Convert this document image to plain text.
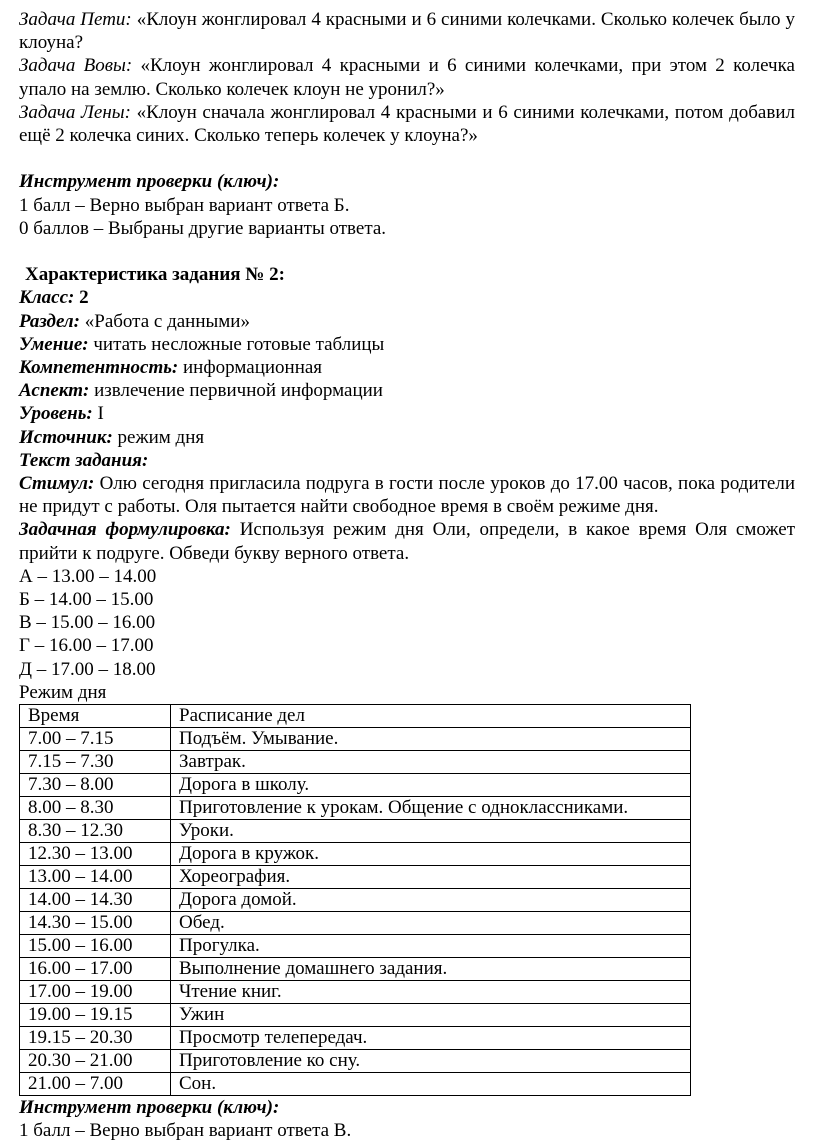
Задача Пети: «Клоун жонглировал 4 красными и 6 синими колечками. Сколько колечек было у клоуна?

Задача Вовы: «Клоун жонглировал 4 красными и 6 синими колечками, при этом 2 колечка упало на землю. Сколько колечек клоун не уронил?»

Задача Лены: «Клоун сначала жонглировал 4 красными и 6 синими колечками, потом добавил ещё 2 колечка синих. Сколько теперь колечек у клоуна?»

Инструмент проверки (ключ):

1 балл – Верно выбран вариант ответа Б.

0 баллов – Выбраны другие варианты ответа.

Характеристика задания № 2:

Класс: 2

Раздел: «Работа с данными»

Умение: читать несложные готовые таблицы

Компетентность: информационная

Аспект: извлечение первичной информации

Уровень: I

Источник: режим дня

Текст задания:

Стимул: Олю сегодня пригласила подруга в гости после уроков до 17.00 часов, пока родители не придут с работы. Оля пытается найти свободное время в своём режиме дня.

Задачная формулировка: Используя режим дня Оли, определи, в какое время Оля сможет прийти к подруге. Обведи букву верного ответа.

А – 13.00 – 14.00

Б – 14.00 – 15.00

В – 15.00 – 16.00

Г – 16.00 – 17.00

Д – 17.00 – 18.00

Режим дня

Время	Расписание дел
7.00 – 7.15	Подъём. Умывание.
7.15 – 7.30	Завтрак.
7.30 – 8.00	Дорога в школу.
8.00 – 8.30	Приготовление к урокам. Общение с одноклассниками.
8.30 – 12.30	Уроки.
12.30 – 13.00	Дорога в кружок.
13.00 – 14.00	Хореография.
14.00 – 14.30	Дорога домой.
14.30 – 15.00	Обед.
15.00 – 16.00	Прогулка.
16.00 – 17.00	Выполнение домашнего задания.
17.00 – 19.00	Чтение книг.
19.00 – 19.15	Ужин
19.15 – 20.30	Просмотр телепередач.
20.30 – 21.00	Приготовление ко сну.
21.00 – 7.00	Сон.

Инструмент проверки (ключ):

1 балл – Верно выбран вариант ответа В.
